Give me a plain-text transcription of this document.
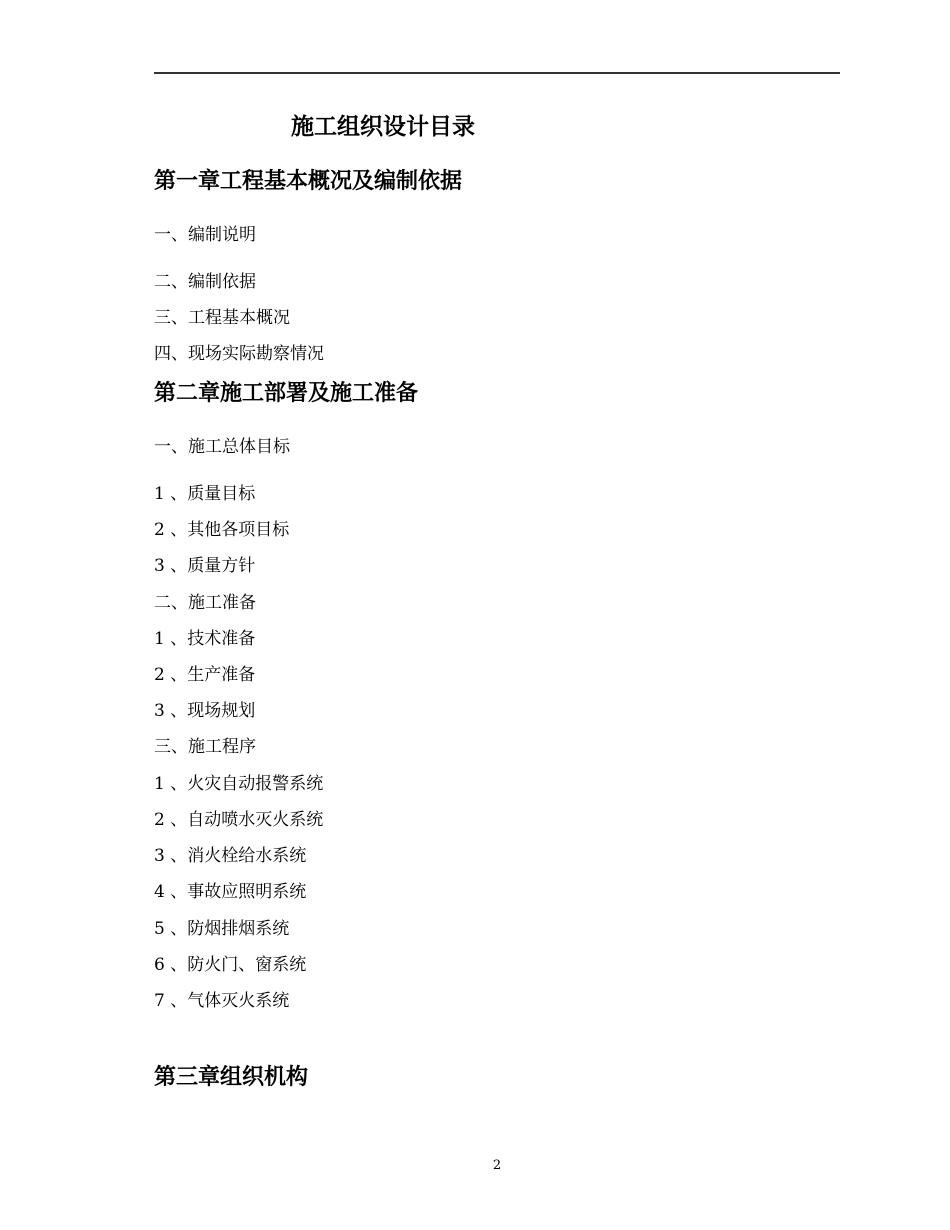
施工组织设计目录
第一章工程基本概况及编制依据
一、编制说明
二、编制依据
三、工程基本概况
四、现场实际勘察情况
第二章施工部署及施工准备
一、施工总体目标
1 、质量目标
2 、其他各项目标
3 、质量方针
二、施工准备
1 、技术准备
2 、生产准备
3 、现场规划
三、施工程序
1 、火灾自动报警系统
2 、自动喷水灭火系统
3 、消火栓给水系统
4 、事故应照明系统
5 、防烟排烟系统
6 、防火门、窗系统
7 、气体灭火系统
第三章组织机构
2
